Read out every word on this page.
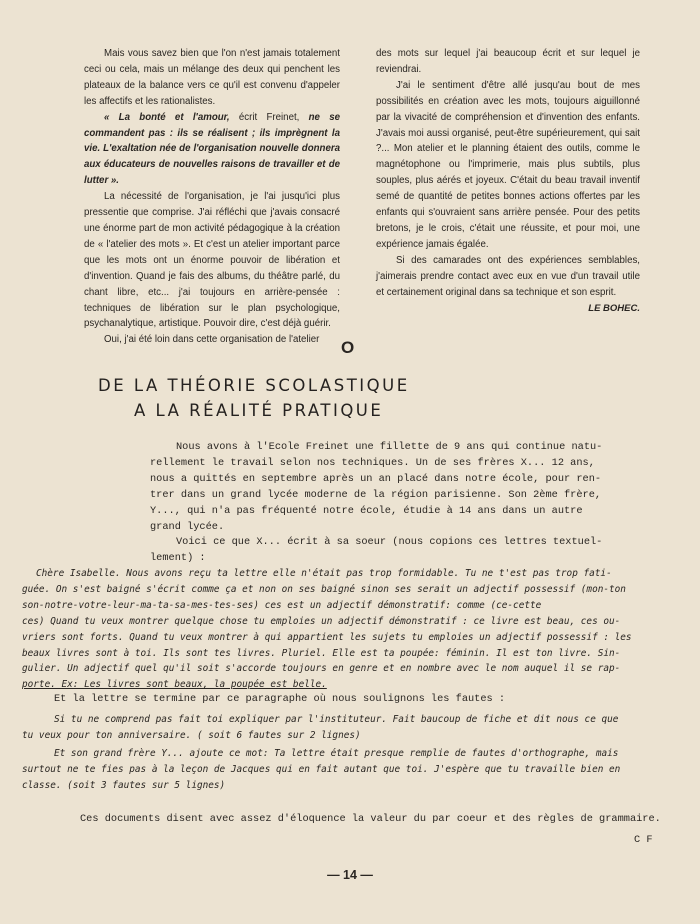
Mais vous savez bien que l'on n'est jamais totalement ceci ou cela, mais un mélange des deux qui penchent les plateaux de la balance vers ce qu'il est convenu d'appeler les affectifs et les rationalistes.

« La bonté et l'amour, écrit Freinet, ne se commandent pas : ils se réalisent ; ils imprègnent la vie. L'exaltation née de l'organisation nouvelle donnera aux éducateurs de nouvelles raisons de travailler et de lutter ».

La nécessité de l'organisation, je l'ai jusqu'ici plus pressentie que comprise. J'ai réfléchi que j'avais consacré une énorme part de mon activité pédagogique à la création de « l'atelier des mots ». Et c'est un atelier important parce que les mots ont un énorme pouvoir de libération et d'invention. Quand je fais des albums, du théâtre parlé, du chant libre, etc... j'ai toujours en arrière-pensée : techniques de libération sur le plan psychologique, psychanalytique, artistique. Pouvoir dire, c'est déjà guérir.

Oui, j'ai été loin dans cette organisation de l'atelier

des mots sur lequel j'ai beaucoup écrit et sur lequel je reviendrai.

J'ai le sentiment d'être allé jusqu'au bout de mes possibilités en création avec les mots, toujours aiguillonné par la vivacité de compréhension et d'invention des enfants. J'avais moi aussi organisé, peut-être supérieurement, qui sait ?... Mon atelier et le planning étaient des outils, comme le magnétophone ou l'imprimerie, mais plus subtils, plus souples, plus aérés et joyeux. C'était du beau travail inventif semé de quantité de petites bonnes actions offertes par les enfants qui s'ouvraient sans arrière pensée. Pour des petits bretons, je le crois, c'était une réussite, et pour moi, une expérience jamais égalée.

Si des camarades ont des expériences semblables, j'aimerais prendre contact avec eux en vue d'un travail utile et certainement original dans sa technique et son esprit.

LE BOHEC.
O
DE LA THÉORIE SCOLASTIQUE
A LA RÉALITÉ PRATIQUE
Nous avons à l'Ecole Freinet une fillette de 9 ans qui continue natu-
rellement le travail selon nos techniques. Un de ses frères X... 12 ans,
nous a quittés en septembre après un an placé dans notre école, pour ren-
trer dans un grand lycée moderne de la région parisienne. Son 2ème frère,
Y..., qui n'a pas fréquenté notre école, étudie à 14 ans dans un autre
grand lycée.
Voici ce que X... écrit à sa soeur (nous copions ces lettres textuel-
lement) :
Chère Isabelle. Nous avons reçu ta lettre elle n'était pas trop formidable. Tu ne t'est pas trop fati-
guée. On s'est baigné s'écrit comme ça et non on ses baigné sinon ses serait un adjectif possessif (mon-ton
son-notre-votre-leur-ma-ta-sa-mes-tes-ses) ces est un adjectif démonstratif: comme (ce-cette
ces) Quand tu veux montrer quelque chose tu emploies un adjectif démonstratif : ce livre est beau, ces ou-
vriers sont forts. Quand tu veux montrer à qui appartient les sujets tu emploies un adjectif possessif : les
beaux livres sont à toi. Ils sont tes livres. Pluriel. Elle est ta poupée: féminin. Il est ton livre. Sin-
gulier. Un adjectif quel qu'il soit s'accorde toujours en genre et en nombre avec le nom auquel il se rap-
porte. Ex: Les livres sont beaux, la poupée est belle.
Et la lettre se termine par ce paragraphe où nous soulignons les fautes :
Si tu ne comprend pas fait toi expliquer par l'instituteur. Fait baucoup de fiche et dit nous ce que
tu veux pour ton anniversaire. ( soit 6 fautes sur 2 lignes)
Et son grand frère Y... ajoute ce mot: Ta lettre était presque remplie de fautes d'orthographe, mais
surtout ne te fies pas à la leçon de Jacques qui en fait autant que toi. J'espère que tu travaille bien en
classe. (soit 3 fautes sur 5 lignes)
Ces documents disent avec assez d'éloquence la valeur du par coeur et des règles de grammaire.
C F
— 14 —
